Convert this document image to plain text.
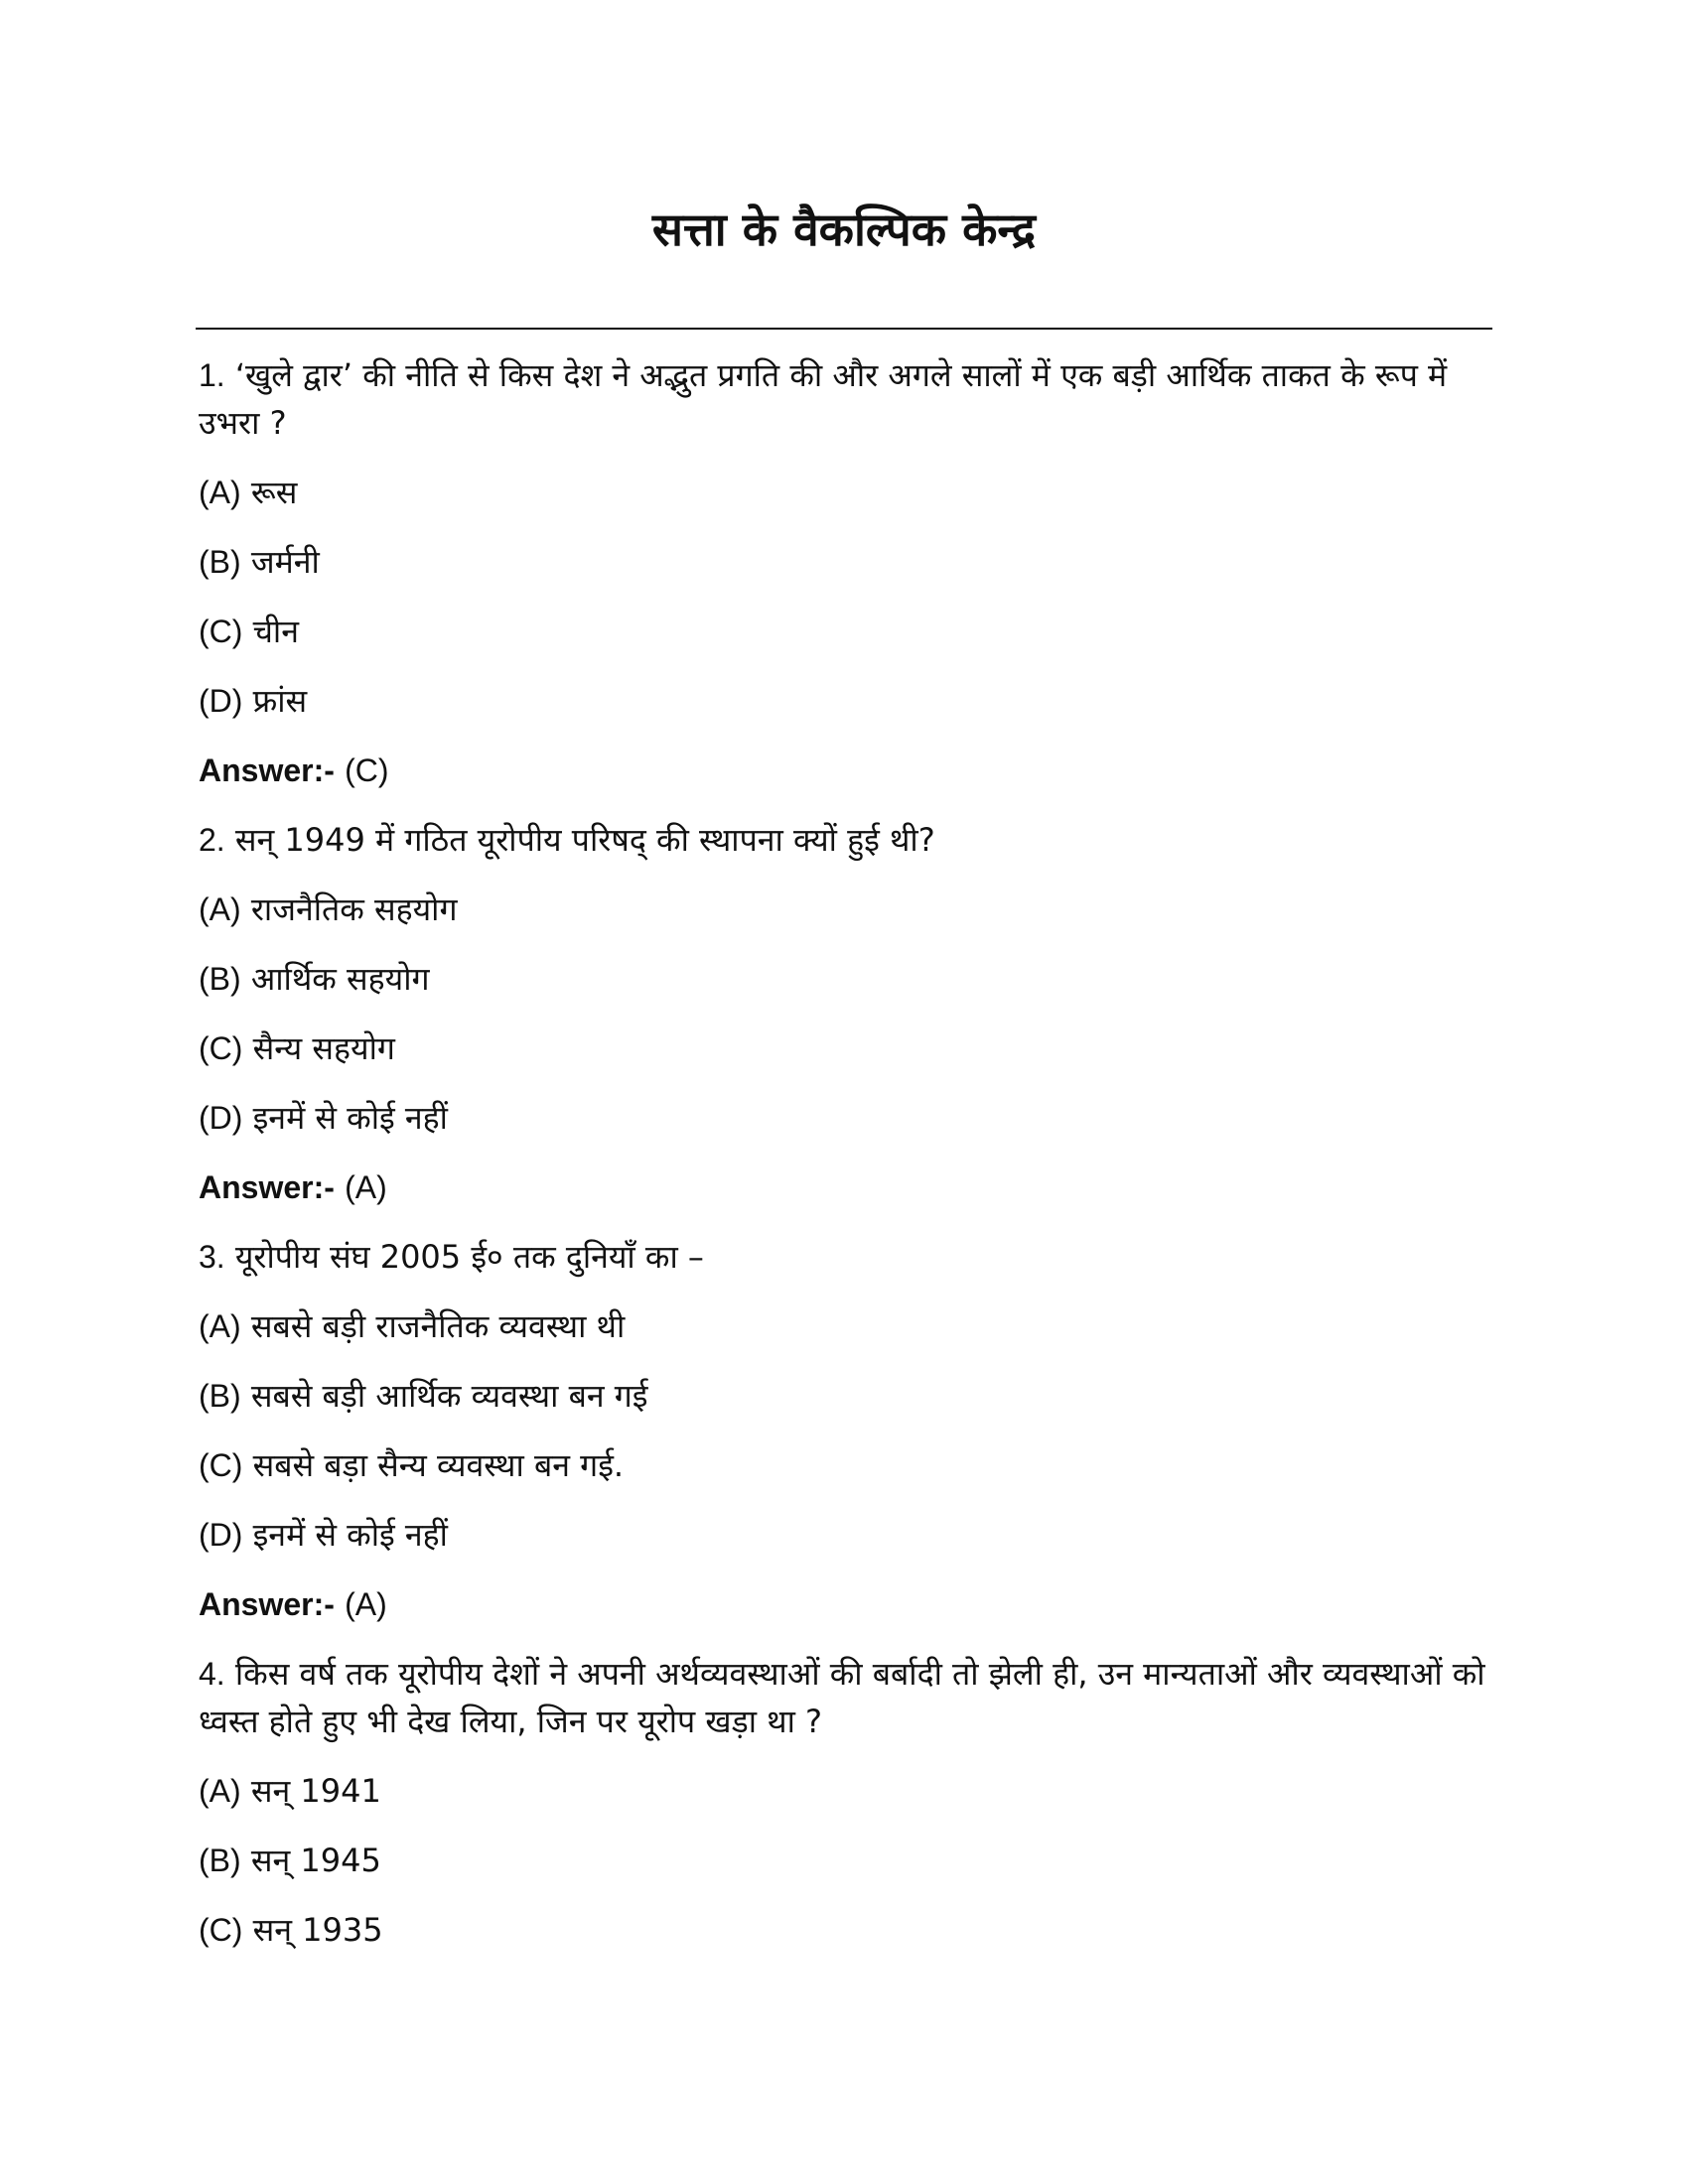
सत्ता के वैकल्पिक केन्द्र

1. ‘खुले द्वार’ की नीति से किस देश ने अद्भुत प्रगति की और अगले सालों में एक बड़ी आर्थिक ताकत के रूप में उभरा ?

(A) रूस

(B) जर्मनी

(C) चीन

(D) फ्रांस

Answer:- (C)

2. सन् 1949 में गठित यूरोपीय परिषद् की स्थापना क्यों हुई थी?

(A) राजनैतिक सहयोग

(B) आर्थिक सहयोग

(C) सैन्य सहयोग

(D) इनमें से कोई नहीं

Answer:- (A)

3. यूरोपीय संघ 2005 ई० तक दुनियाँ का –

(A) सबसे बड़ी राजनैतिक व्यवस्था थी

(B) सबसे बड़ी आर्थिक व्यवस्था बन गई

(C) सबसे बड़ा सैन्य व्यवस्था बन गई.

(D) इनमें से कोई नहीं

Answer:- (A)

4. किस वर्ष तक यूरोपीय देशों ने अपनी अर्थव्यवस्थाओं की बर्बादी तो झेली ही, उन मान्यताओं और व्यवस्थाओं को ध्वस्त होते हुए भी देख लिया, जिन पर यूरोप खड़ा था ?

(A) सन् 1941

(B) सन् 1945

(C) सन् 1935
